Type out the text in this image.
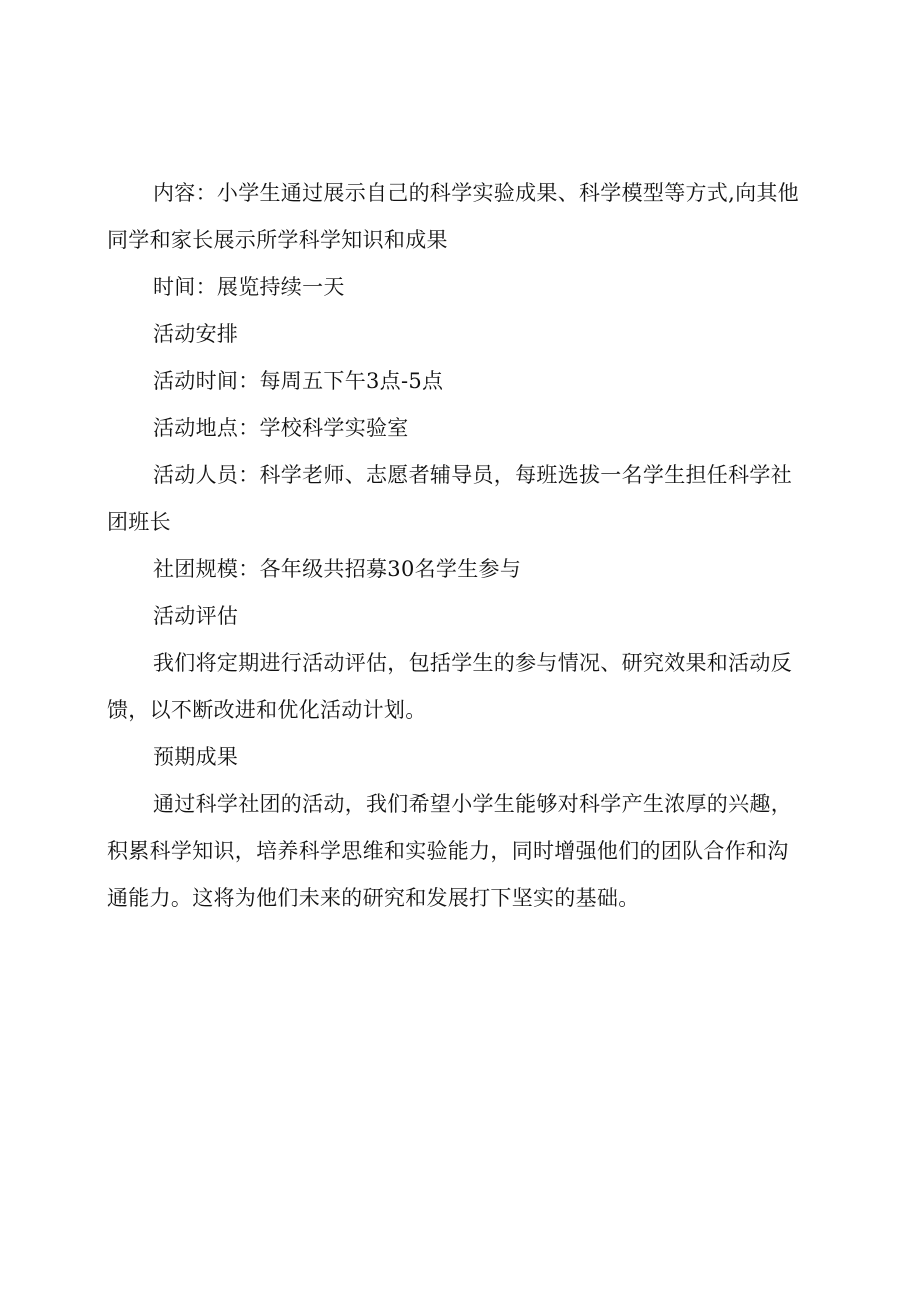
内容：小学生通过展示自己的科学实验成果、科学模型等方式,向其他同学和家长展示所学科学知识和成果

时间：展览持续一天

活动安排

活动时间：每周五下午3点-5点

活动地点：学校科学实验室

活动人员：科学老师、志愿者辅导员，每班选拔一名学生担任科学社团班长

社团规模：各年级共招募30名学生参与

活动评估

我们将定期进行活动评估，包括学生的参与情况、研究效果和活动反馈，以不断改进和优化活动计划。

预期成果

通过科学社团的活动，我们希望小学生能够对科学产生浓厚的兴趣，积累科学知识，培养科学思维和实验能力，同时增强他们的团队合作和沟通能力。这将为他们未来的研究和发展打下坚实的基础。
